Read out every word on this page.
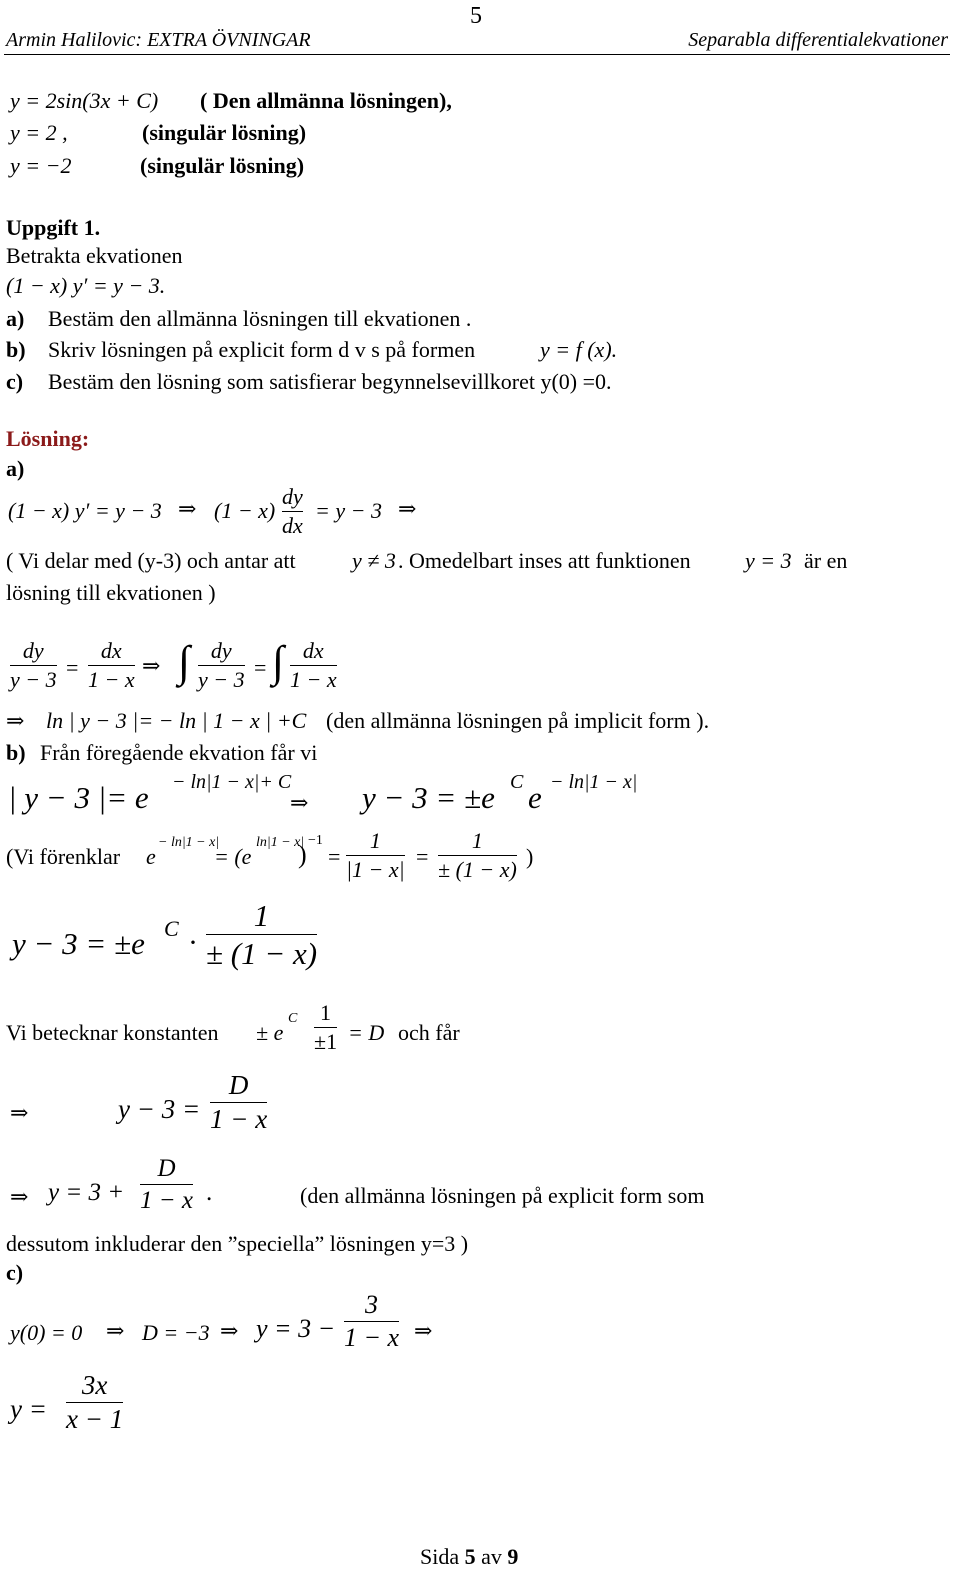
5
Armin Halilovic: EXTRA ÖVNINGAR	Separabla differentialekvationer
y = 2sin(3x + C) ( Den allmänna lösningen),
y = 2 ,	(singulär lösning)
y = −2	(singulär lösning)
Uppgift 1.
Betrakta ekvationen
(1 − x) y′ = y − 3.
a) Bestäm den allmänna lösningen till ekvationen .
b) Skriv lösningen på explicit form d v s på formen	y = f (x).
c) Bestäm den lösning som satisfierar begynnelsevillkoret y(0) =0.
Lösning:
a)
(1 − x) y′ = y − 3 ⇒ (1 − x)
dy
dx
= y − 3 ⇒
( Vi delar med (y-3) och antar att	y ≠ 3 . Omedelbart inses att funktionen y = 3 är en
lösning till ekvationen )
dy
y − 3 =
dx
1 − x
⇒ ∫ dy
y − 3 = ∫ dx
1 − x
⇒ ln | y − 3 |= − ln | 1 − x | +C (den allmänna lösningen på implicit form ).
b) Från föregående ekvation får vi
| y − 3 |= e − ln|1 − x|+ C
⇒ y − 3 = ±e C e − ln|1 − x|
(Vi förenklar e
− ln|1 − x|
= (e
ln|1 − x|
) −1
=
1
|1 − x|
=
1
± (1 − x)
)
y − 3 = ±e C ·
1
± (1 − x)
Vi betecknar konstanten ± e
C 1
±1 = D och får
⇒	y − 3 =
D
1 − x
⇒ y = 3 +
D
1 − x .	(den allmänna lösningen på explicit form som
dessutom inkluderar den ”speciella” lösningen y=3 )
c)
y(0) = 0 ⇒ D = −3 ⇒ y = 3 −
3
1 − x ⇒
y =
3x
x − 1
Sida 5 av 9
